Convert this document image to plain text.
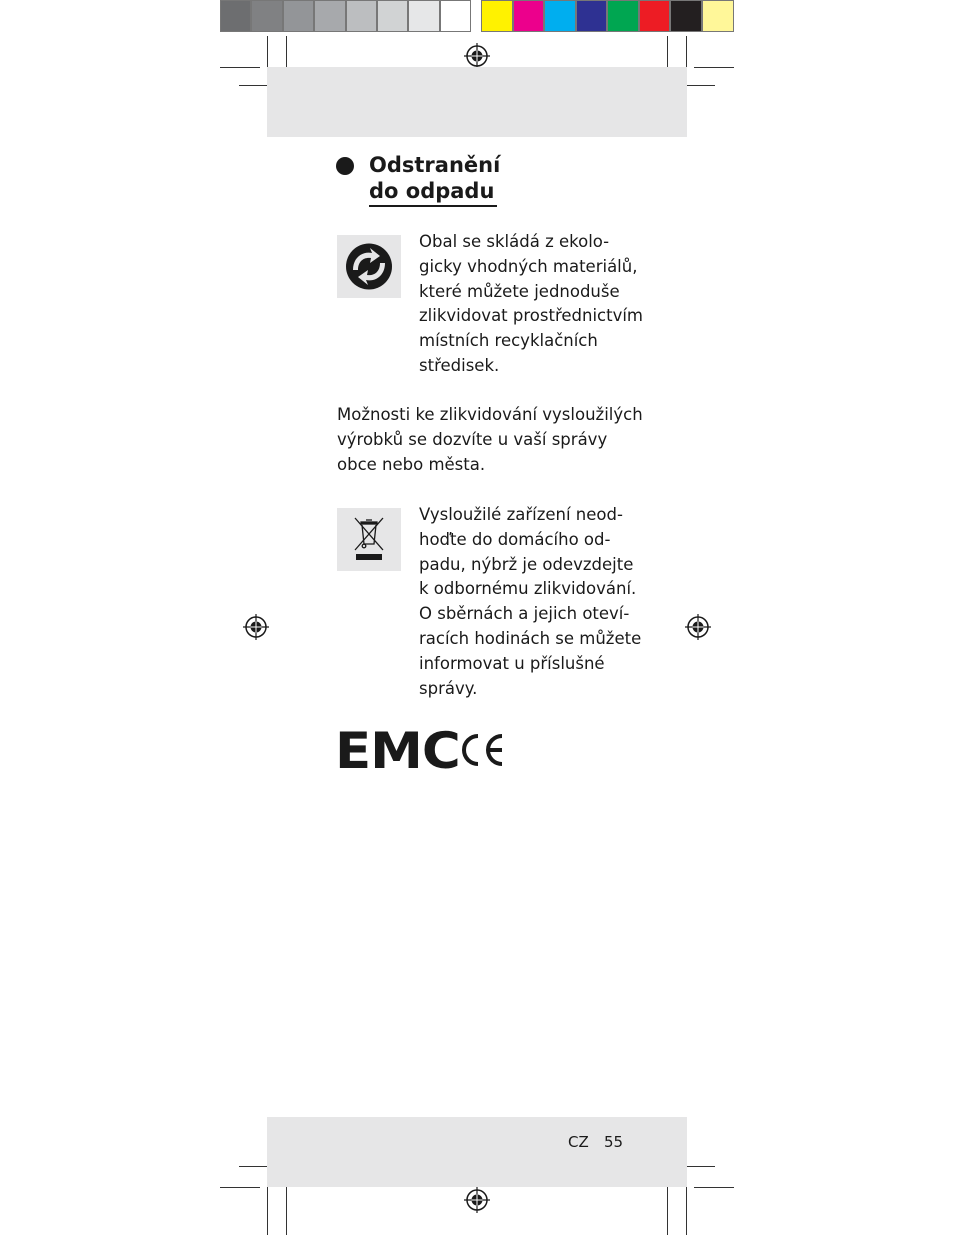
Odstranění
do odpadu
Obal se skládá z ekolo-
gicky vhodných materiálů,
které můžete jednoduše
zlikvidovat prostřednictvím
místních recyklačních
středisek.
Možnosti ke zlikvidování vysloužilých
výrobků se dozvíte u vaší správy
obce nebo města.
Vysloužilé zařízení neod-
hoďte do domácího od-
padu, nýbrž je odevzdejte
k odbornému zlikvidování.
O sběrnách a jejich oteví-
racích hodinách se můžete
informovat u příslušné
správy.
EMC
CZ 55
